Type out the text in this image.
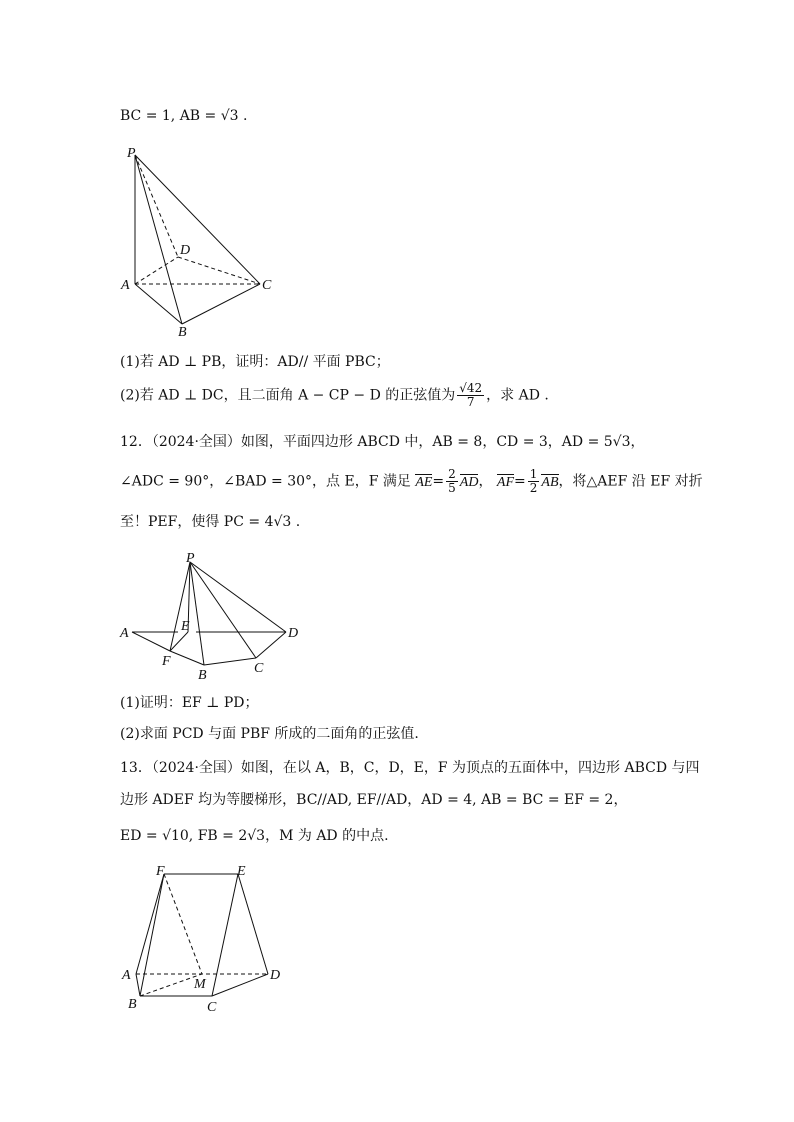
BC = 1, AB = √3 .
P
D
A	C
B
(1)若 AD ⊥ PB，证明：AD// 平面 PBC；
(2)若 AD ⊥ DC，且二面角 A − CP − D 的正弦值为 $\frac{√42}{7}$ ，求 AD .
12．（2024·全国）如图，平面四边形 ABCD 中，AB = 8，CD = 3，AD = 5√3，
∠ADC = 90°，∠BAD = 30°，点 E，F 满足 $AE= \frac{2}{5}$ AD， $AF= \frac{1}{2}$ AB，将△AEF 沿 EF 对折
至！PEF，使得 PC = 4√3 .
P
A	E	D
F
B	C
(1)证明：EF ⊥ PD；
(2)求面 PCD 与面 PBF 所成的二面角的正弦值.
13．（2024·全国）如图，在以 A，B，C，D，E，F 为顶点的五面体中，四边形 ABCD 与四
边形 ADEF 均为等腰梯形，BC//AD, EF//AD，AD = 4, AB = BC = EF = 2，
ED = √10, FB = 2√3，M 为 AD 的中点.
F	E
A
M
D
B	C
